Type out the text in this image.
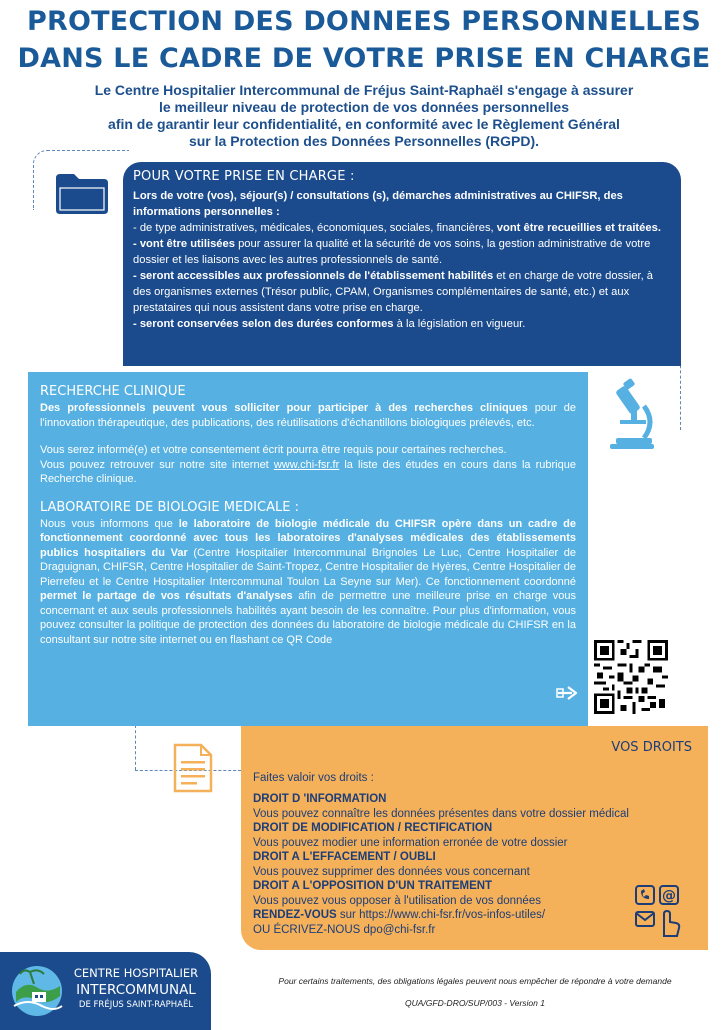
PROTECTION DES DONNEES PERSONNELLES
DANS LE CADRE DE VOTRE PRISE EN CHARGE
Le Centre Hospitalier Intercommunal de Fréjus Saint-Raphaël s'engage à assurer
le meilleur niveau de protection de vos données personnelles
afin de garantir leur confidentialité, en conformité avec le Règlement Général
sur la Protection des Données Personnelles (RGPD).
POUR VOTRE PRISE EN CHARGE :
Lors de votre (vos), séjour(s) / consultations (s), démarches administratives au CHIFSR, des informations personnelles :
- de type administratives, médicales, économiques, sociales, financières, vont être recueillies et traitées.
- vont être utilisées pour assurer la qualité et la sécurité de vos soins, la gestion administrative de votre dossier et les liaisons avec les autres professionnels de santé.
- seront accessibles aux professionnels de l'établissement habilités et en charge de votre dossier, à des organismes externes (Trésor public, CPAM, Organismes complémentaires de santé, etc.) et aux prestataires qui nous assistent dans votre prise en charge.
- seront conservées selon des durées conformes à la législation en vigueur.
RECHERCHE CLINIQUE
Des professionnels peuvent vous solliciter pour participer à des recherches cliniques pour de l'innovation thérapeutique, des publications, des réutilisations d'échantillons biologiques prélevés, etc.
Vous serez informé(e) et votre consentement écrit pourra être requis pour certaines recherches.
Vous pouvez retrouver sur notre site internet www.chi-fsr.fr la liste des études en cours dans la rubrique Recherche clinique.
LABORATOIRE DE BIOLOGIE MEDICALE :
Nous vous informons que le laboratoire de biologie médicale du CHIFSR opère dans un cadre de fonctionnement coordonné avec tous les laboratoires d'analyses médicales des établissements publics hospitaliers du Var (Centre Hospitalier Intercommunal Brignoles Le Luc, Centre Hospitalier de Draguignan, CHIFSR, Centre Hospitalier de Saint-Tropez, Centre Hospitalier de Hyères, Centre Hospitalier de Pierrefeu et le Centre Hospitalier Intercommunal Toulon La Seyne sur Mer). Ce fonctionnement coordonné permet le partage de vos résultats d'analyses afin de permettre une meilleure prise en charge vous concernant et aux seuls professionnels habilités ayant besoin de les connaître. Pour plus d'information, vous pouvez consulter la politique de protection des données du laboratoire de biologie médicale du CHIFSR en la consultant sur notre site internet ou en flashant ce QR Code
VOS DROITS
Faites valoir vos droits :
DROIT D 'INFORMATION
Vous pouvez connaître les données présentes dans votre dossier médical
DROIT DE MODIFICATION / RECTIFICATION
Vous pouvez modier une information erronée de votre dossier
DROIT A L'EFFACEMENT / OUBLI
Vous pouvez supprimer des données vous concernant
DROIT A L'OPPOSITION D'UN TRAITEMENT
Vous pouvez vous opposer à l'utilisation de vos données
RENDEZ-VOUS sur https://www.chi-fsr.fr/vos-infos-utiles/
OU ÉCRIVEZ-NOUS dpo@chi-fsr.fr
@
CENTRE HOSPITALIER
INTERCOMMUNAL
DE FRÉJUS SAINT-RAPHAËL
Pour certains traitements, des obligations légales peuvent nous empêcher de répondre à votre demande
QUA/GFD-DRO/SUP/003 - Version 1
